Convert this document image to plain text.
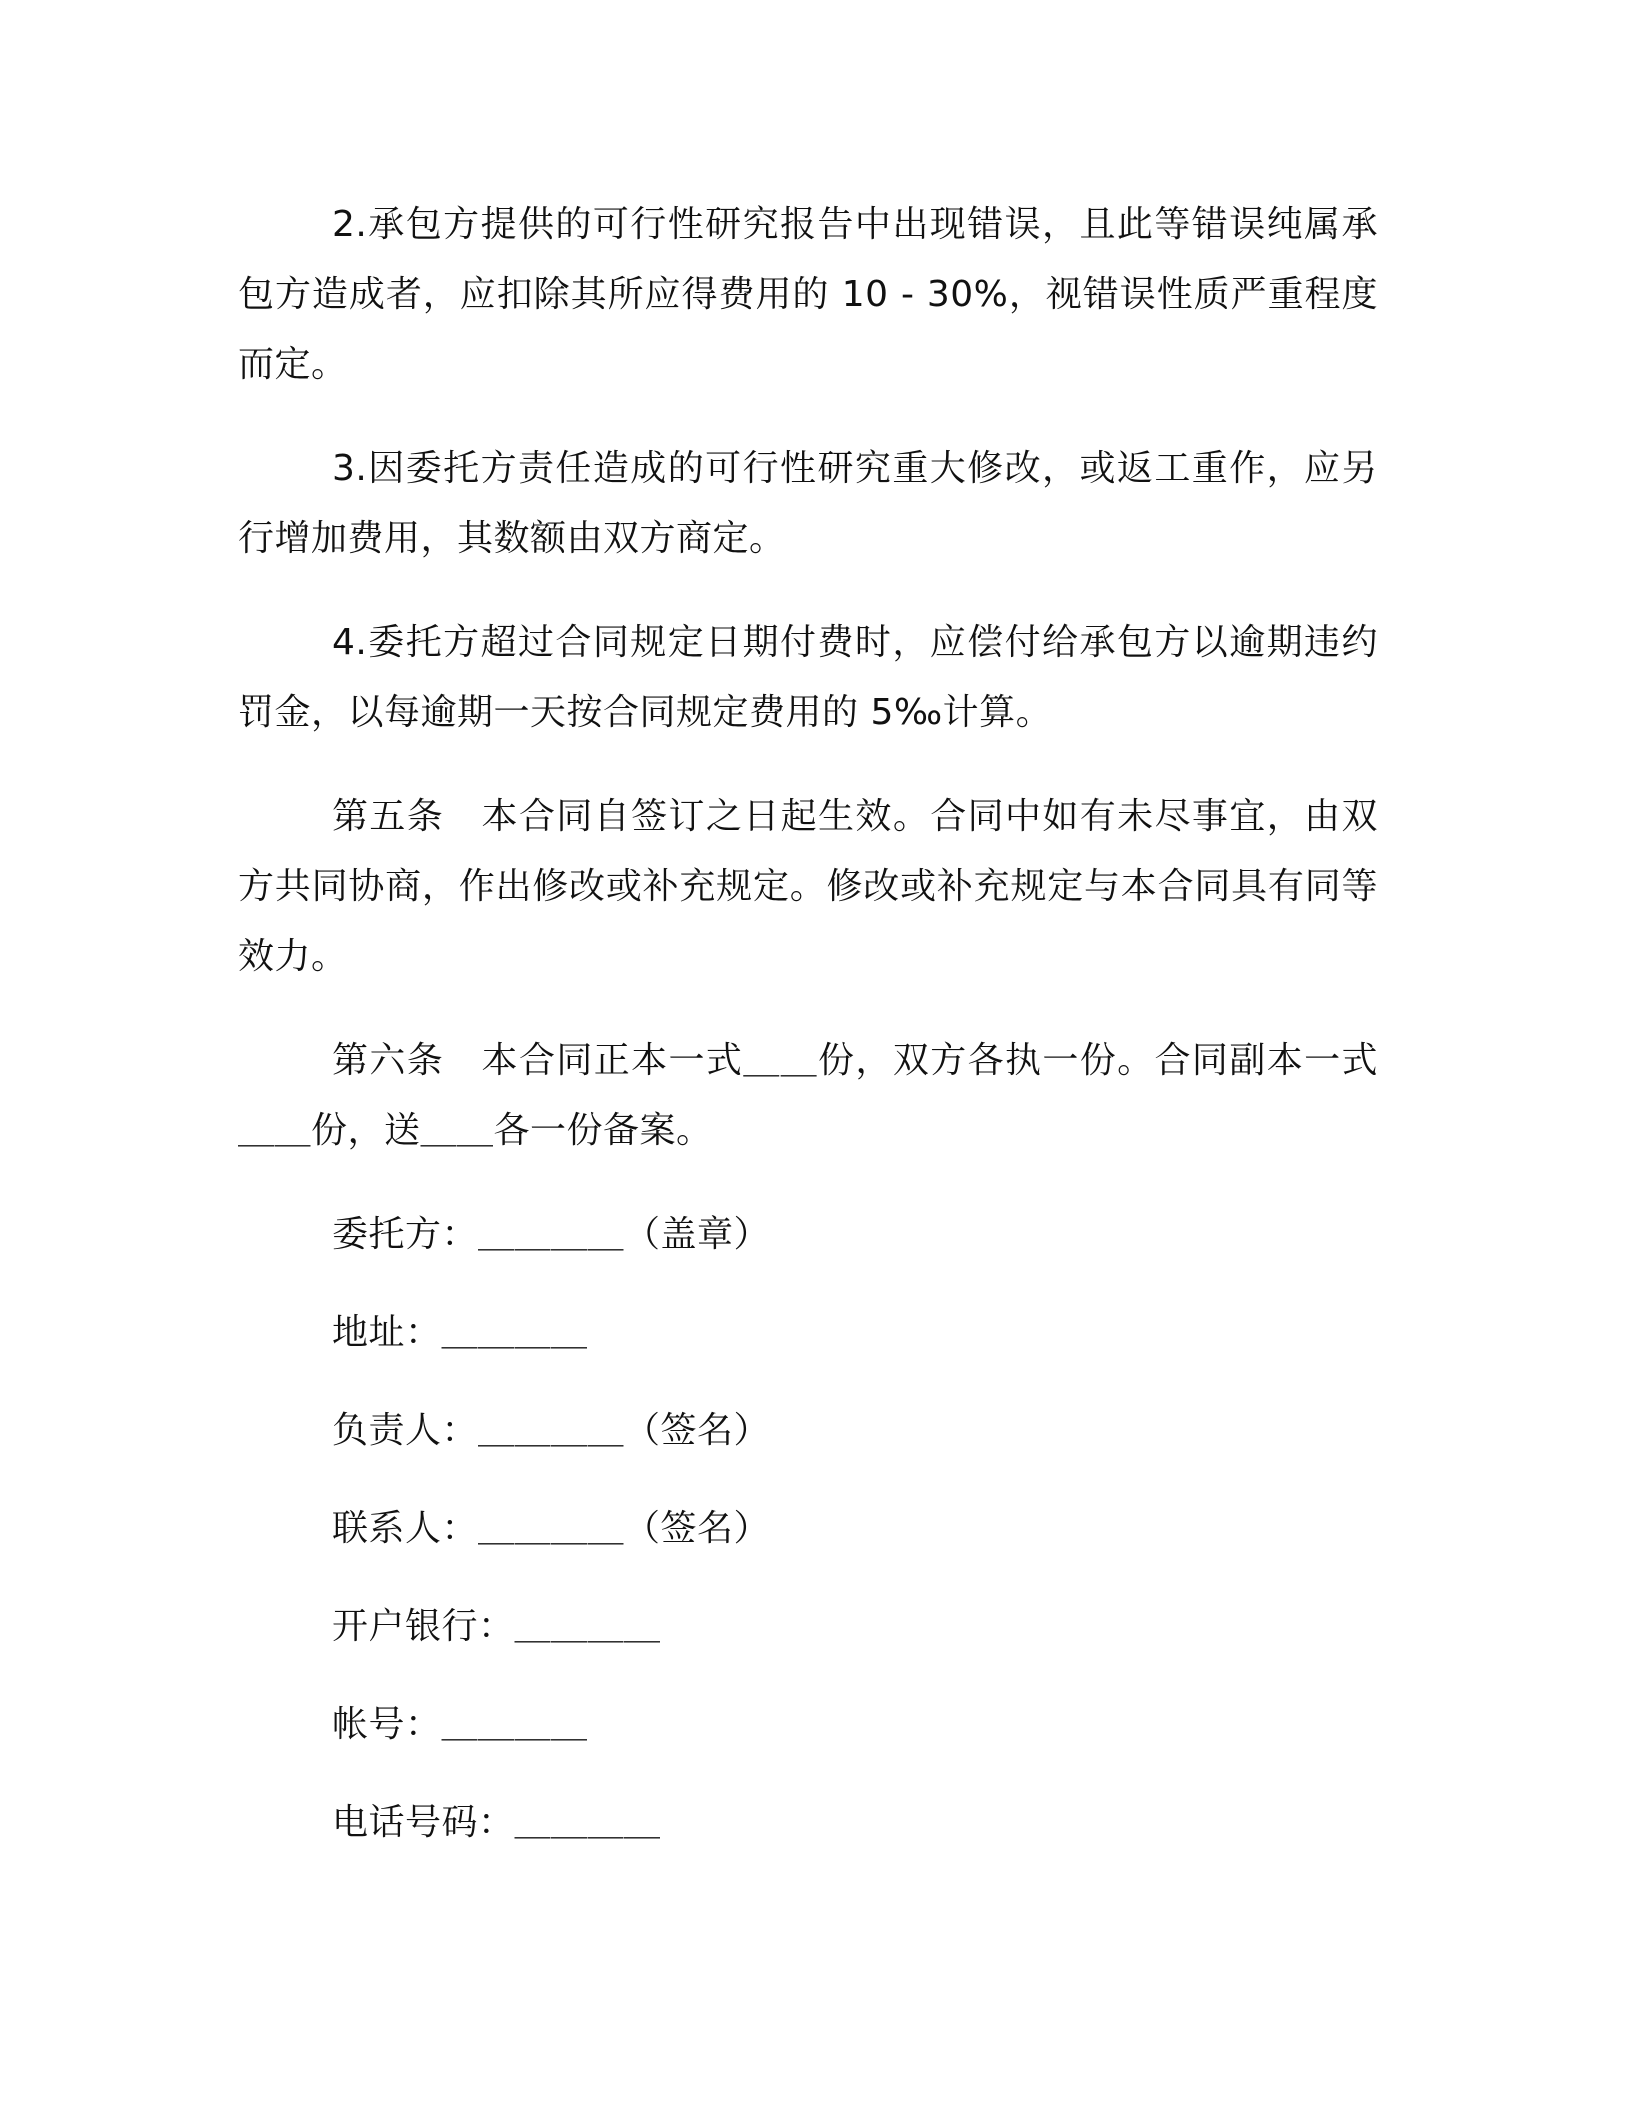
2.承包方提供的可行性研究报告中出现错误，且此等错误纯属承包方造成者，应扣除其所应得费用的 10 - 30%，视错误性质严重程度而定。

3.因委托方责任造成的可行性研究重大修改，或返工重作，应另行增加费用，其数额由双方商定。

4.委托方超过合同规定日期付费时，应偿付给承包方以逾期违约罚金，以每逾期一天按合同规定费用的 5‰计算。

第五条　本合同自签订之日起生效。合同中如有未尽事宜，由双方共同协商，作出修改或补充规定。修改或补充规定与本合同具有同等效力。

第六条　本合同正本一式＿＿份，双方各执一份。合同副本一式＿＿份，送＿＿各一份备案。

委托方：＿＿＿＿（盖章）
地址：＿＿＿＿
负责人：＿＿＿＿（签名）
联系人：＿＿＿＿（签名）
开户银行：＿＿＿＿
帐号：＿＿＿＿
电话号码：＿＿＿＿
